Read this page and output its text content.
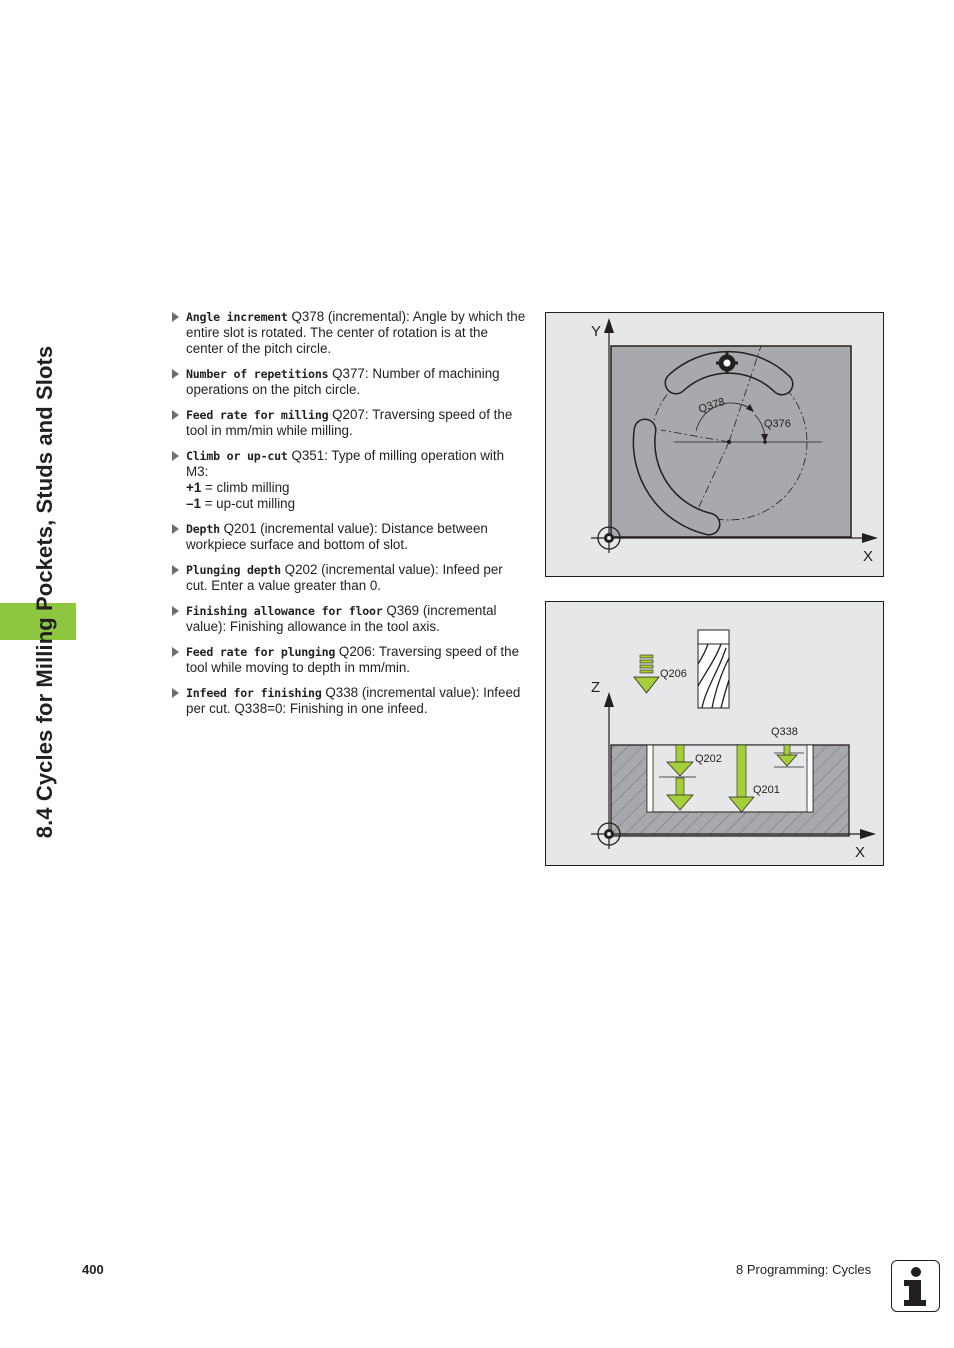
8.4 Cycles for Milling Pockets, Studs and Slots
Angle increment Q378 (incremental): Angle by which the entire slot is rotated. The center of rotation is at the center of the pitch circle.
Number of repetitions Q377: Number of machining operations on the pitch circle.
Feed rate for milling Q207: Traversing speed of the tool in mm/min while milling.
Climb or up-cut Q351: Type of milling operation with M3:
+1 = climb milling
–1 = up-cut milling
Depth Q201 (incremental value): Distance between workpiece surface and bottom of slot.
Plunging depth Q202 (incremental value): Infeed per cut. Enter a value greater than 0.
Finishing allowance for floor Q369 (incremental value): Finishing allowance in the tool axis.
Feed rate for plunging Q206: Traversing speed of the tool while moving to depth in mm/min.
Infeed for finishing Q338 (incremental value): Infeed per cut. Q338=0: Finishing in one infeed.
Y
X
Q378
Q376
Z
X
Q206
Q338
Q202
Q201
400	8 Programming: Cycles
